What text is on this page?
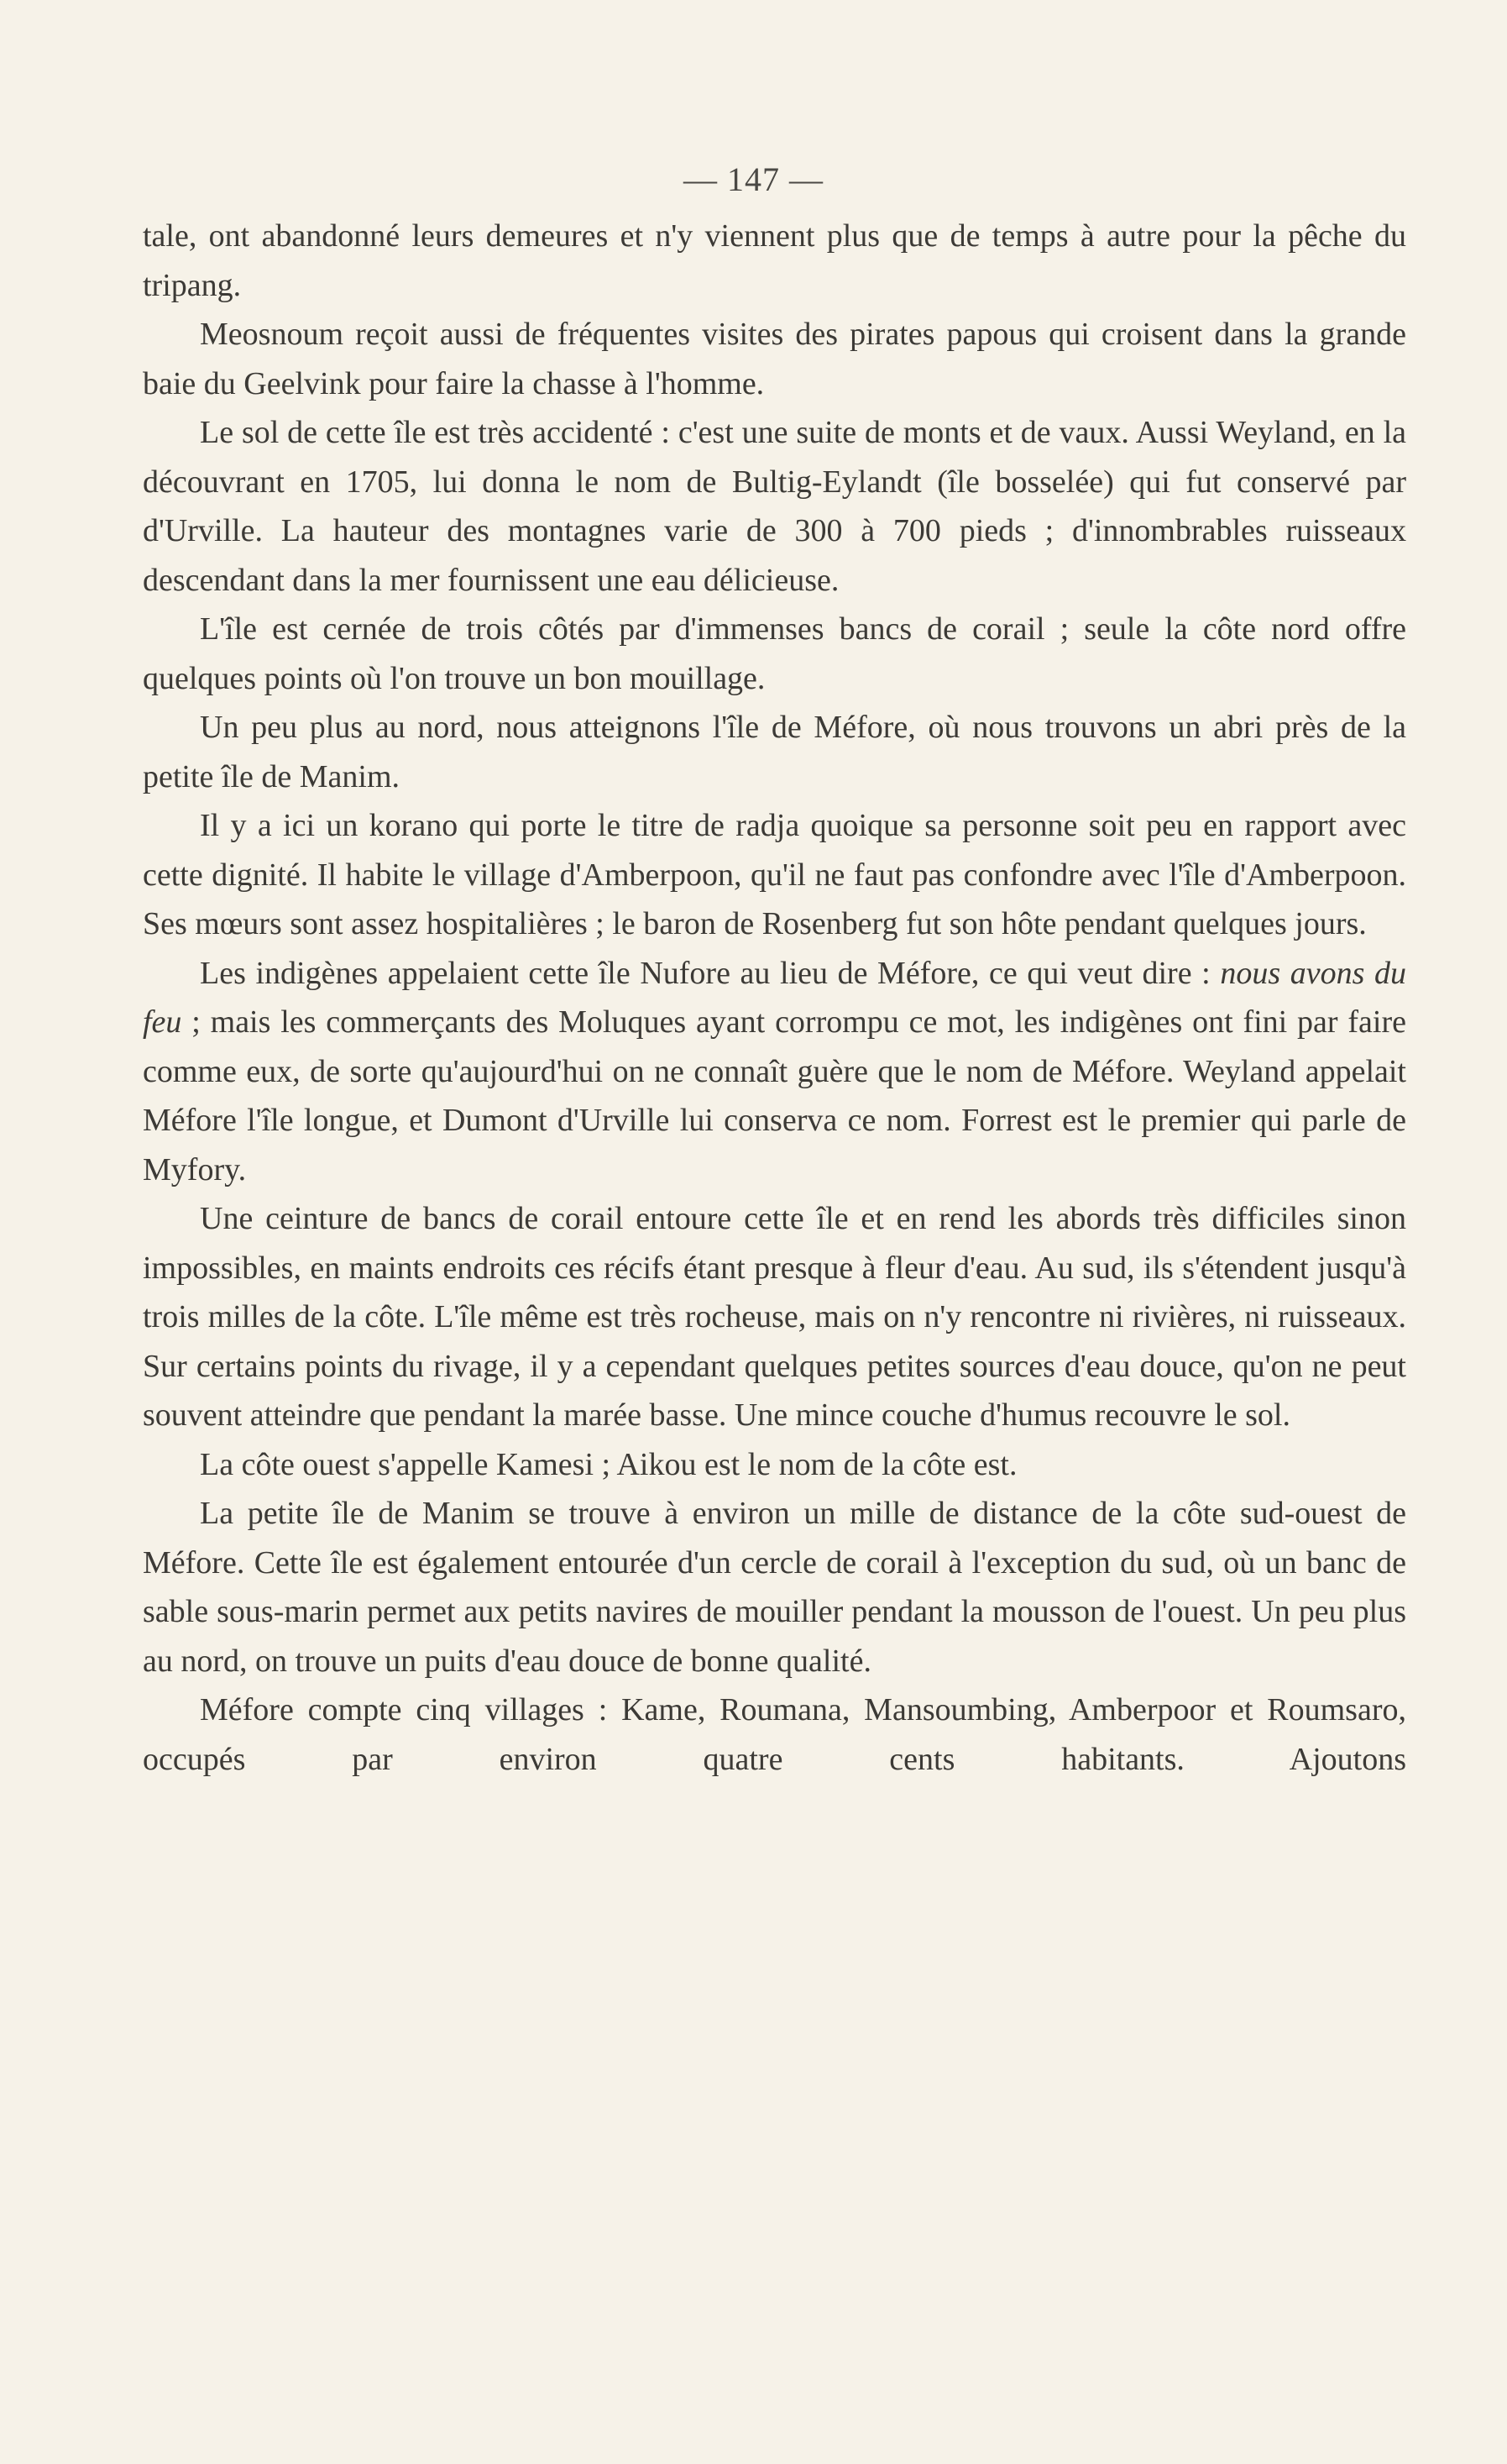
— 147 —

tale, ont abandonné leurs demeures et n'y viennent plus que de temps à autre pour la pêche du tripang.

Meosnoum reçoit aussi de fréquentes visites des pirates papous qui croisent dans la grande baie du Geelvink pour faire la chasse à l'homme.

Le sol de cette île est très accidenté : c'est une suite de monts et de vaux. Aussi Weyland, en la découvrant en 1705, lui donna le nom de Bultig-Eylandt (île bosselée) qui fut conservé par d'Urville. La hauteur des montagnes varie de 300 à 700 pieds ; d'innombrables ruisseaux descendant dans la mer fournissent une eau délicieuse.

L'île est cernée de trois côtés par d'immenses bancs de corail ; seule la côte nord offre quelques points où l'on trouve un bon mouillage.

Un peu plus au nord, nous atteignons l'île de Méfore, où nous trouvons un abri près de la petite île de Manim.

Il y a ici un korano qui porte le titre de radja quoique sa personne soit peu en rapport avec cette dignité. Il habite le village d'Amberpoon, qu'il ne faut pas confondre avec l'île d'Amberpoon. Ses mœurs sont assez hospitalières ; le baron de Rosenberg fut son hôte pendant quelques jours.

Les indigènes appelaient cette île Nufore au lieu de Méfore, ce qui veut dire : nous avons du feu ; mais les commerçants des Moluques ayant corrompu ce mot, les indigènes ont fini par faire comme eux, de sorte qu'aujourd'hui on ne connaît guère que le nom de Méfore. Weyland appelait Méfore l'île longue, et Dumont d'Urville lui conserva ce nom. Forrest est le premier qui parle de Myfory.

Une ceinture de bancs de corail entoure cette île et en rend les abords très difficiles sinon impossibles, en maints endroits ces récifs étant presque à fleur d'eau. Au sud, ils s'étendent jusqu'à trois milles de la côte. L'île même est très rocheuse, mais on n'y rencontre ni rivières, ni ruisseaux. Sur certains points du rivage, il y a cependant quelques petites sources d'eau douce, qu'on ne peut souvent atteindre que pendant la marée basse. Une mince couche d'humus recouvre le sol.

La côte ouest s'appelle Kamesi ; Aikou est le nom de la côte est.

La petite île de Manim se trouve à environ un mille de distance de la côte sud-ouest de Méfore. Cette île est également entourée d'un cercle de corail à l'exception du sud, où un banc de sable sous-marin permet aux petits navires de mouiller pendant la mousson de l'ouest. Un peu plus au nord, on trouve un puits d'eau douce de bonne qualité.

Méfore compte cinq villages : Kame, Roumana, Mansoumbing, Amberpoor et Roumsaro, occupés par environ quatre cents habitants. Ajoutons
